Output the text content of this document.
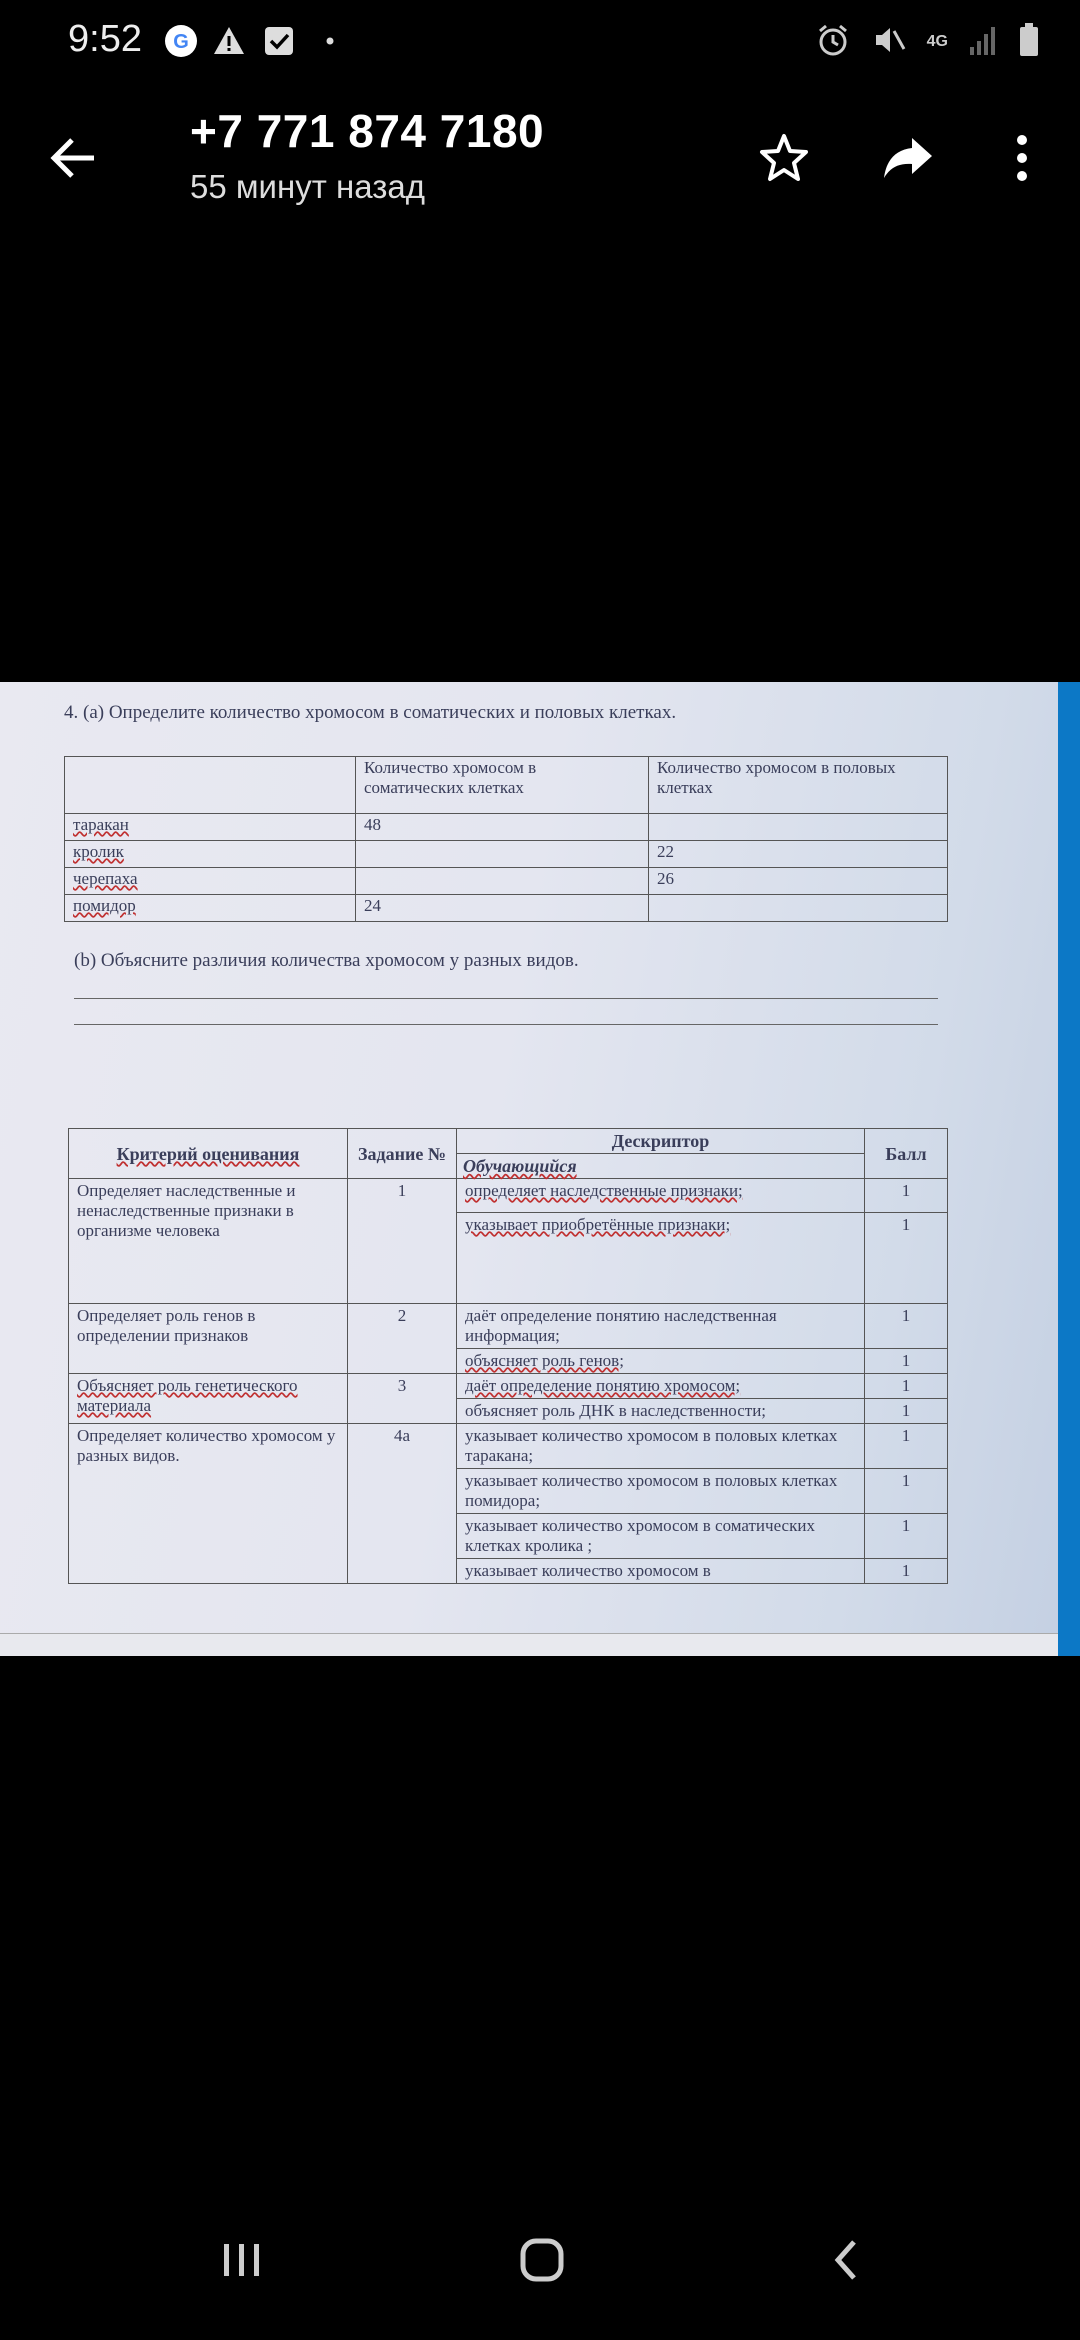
9:52 G	4G
+7 771 874 7180
55 минут назад
4. (а) Определите количество хромосом в соматических и половых клетках.
	Количество хромосом в соматических клетках	Количество хромосом в половых клетках
таракан	48	
кролик		22
черепаха		26
помидор	24	
(b) Объясните различия количества хромосом у разных видов.
Критерий оценивания	Задание №	Дескриптор	Балл
		Обучающийся	
Определяет наследственные и ненаследственные признаки в организме человека	1	определяет наследственные признаки;	1
		указывает приобретённые признаки;	1
Определяет роль генов в определении признаков	2	даёт определение понятию наследственная информация;	1
		объясняет роль генов;	1
Объясняет роль генетического материала	3	даёт определение понятию хромосом;	1
		объясняет роль ДНК в наследственности;	1
Определяет количество хромосом у разных видов.	4a	указывает количество хромосом в половых клетках таракана;	1
		указывает количество хромосом в половых клетках помидора;	1
		указывает количество хромосом в соматических клетках кролика ;	1
		указывает количество хромосом в	1
